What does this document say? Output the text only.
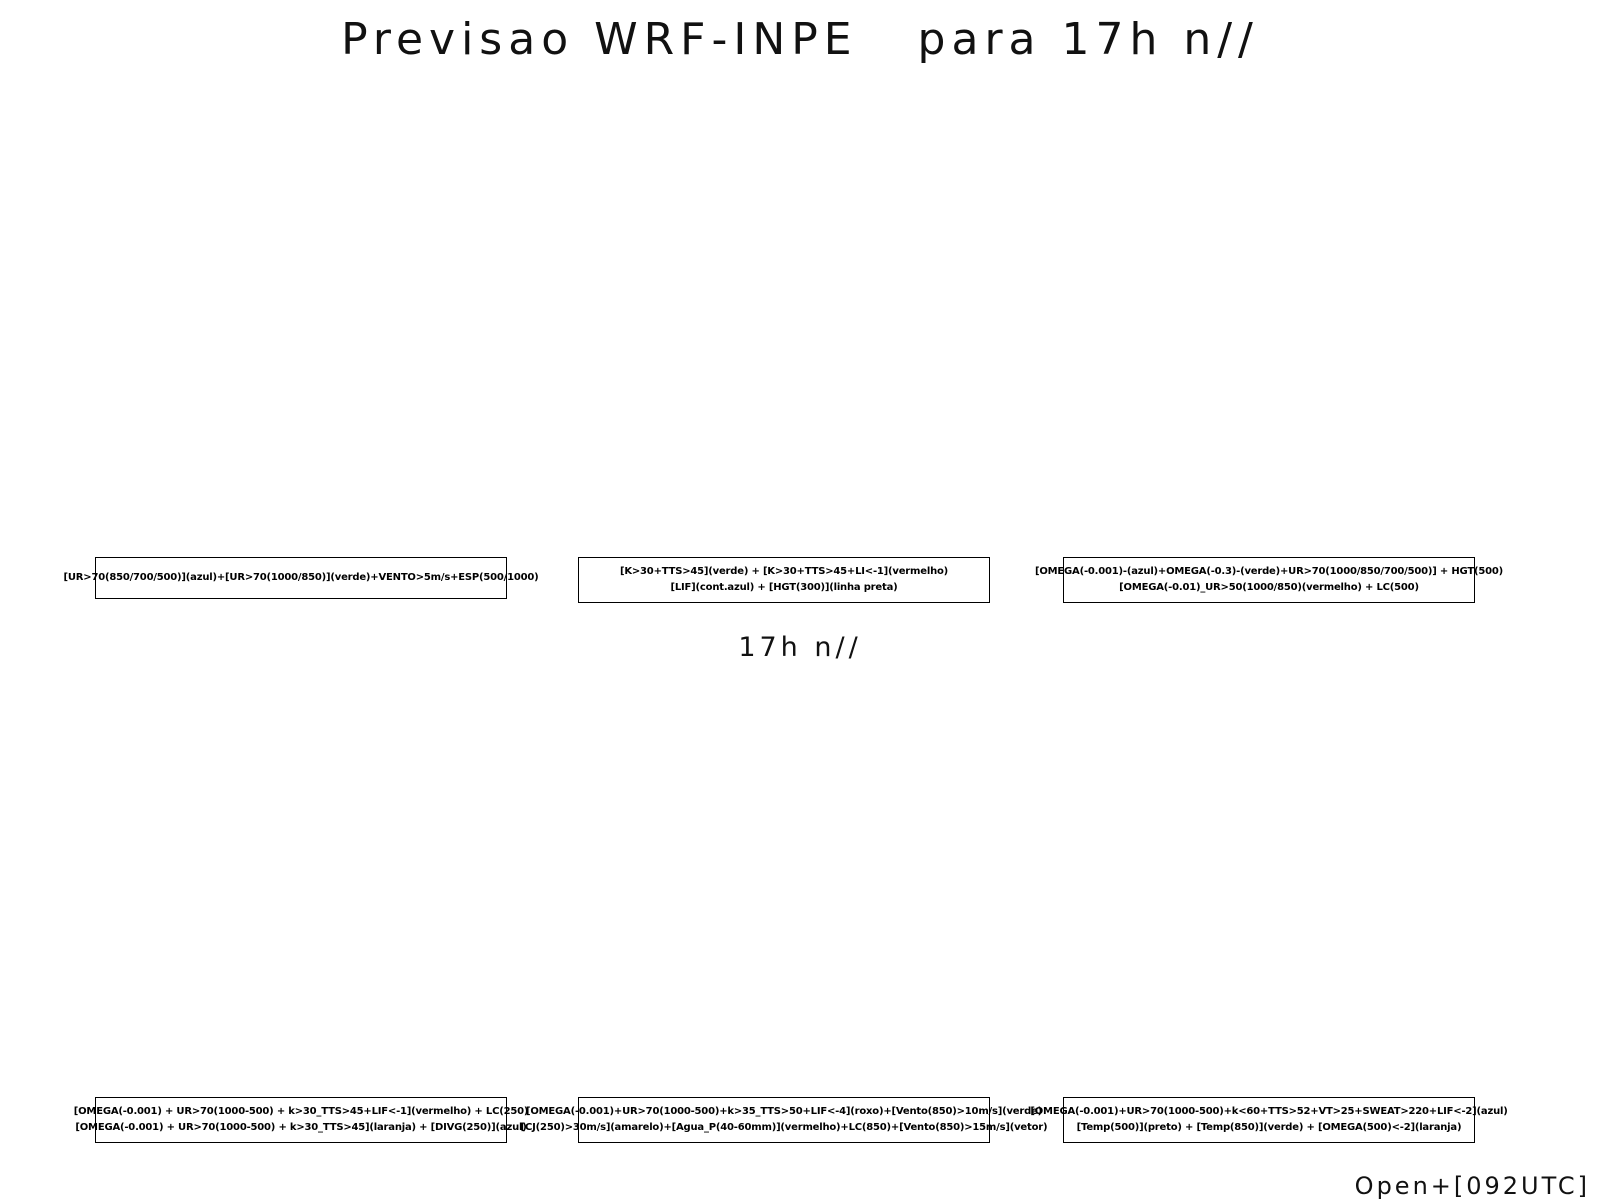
Previsao WRF-INPE   para 17h n//
[UR>70(850/700/500)](azul)+[UR>70(1000/850)](verde)+VENTO>5m/s+ESP(500/1000)
[K>30+TTS>45](verde) + [K>30+TTS>45+LI<-1](vermelho)
[LIF](cont.azul) + [HGT(300)](linha preta)
[OMEGA(-0.001)-(azul)+OMEGA(-0.3)-(verde)+UR>70(1000/850/700/500)] + HGT(500)
[OMEGA(-0.01)_UR>50(1000/850)(vermelho) + LC(500)
17h n//
[OMEGA(-0.001) + UR>70(1000-500) + k>30_TTS>45+LIF<-1](vermelho) + LC(250)
[OMEGA(-0.001) + UR>70(1000-500) + k>30_TTS>45](laranja) + [DIVG(250)](azul)
[OMEGA(-0.001)+UR>70(1000-500)+k>35_TTS>50+LIF<-4](roxo)+[Vento(850)>10m/s](verde)
[CJ(250)>30m/s](amarelo)+[Agua_P(40-60mm)](vermelho)+LC(850)+[Vento(850)>15m/s](vetor)
[OMEGA(-0.001)+UR>70(1000-500)+k<60+TTS>52+VT>25+SWEAT>220+LIF<-2](azul)
[Temp(500)](preto) + [Temp(850)](verde) + [OMEGA(500)<-2](laranja)
Open+[092UTC]
